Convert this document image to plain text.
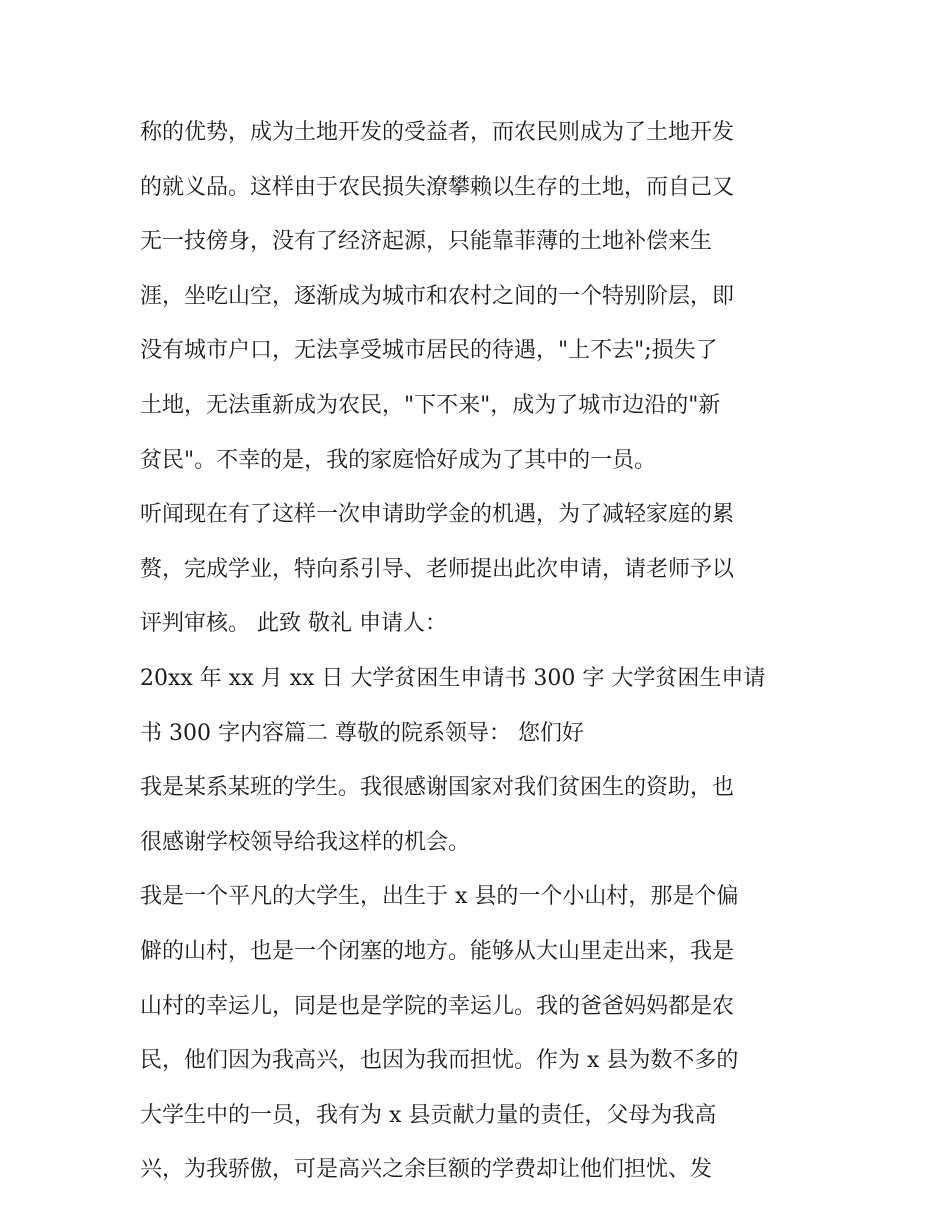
称的优势，成为土地开发的受益者，而农民则成为了土地开发
的就义品。这样由于农民损失潦攀赖以生存的土地，而自己又
无一技傍身，没有了经济起源，只能靠菲薄的土地补偿来生
涯，坐吃山空，逐渐成为城市和农村之间的一个特别阶层，即
没有城市户口，无法享受城市居民的待遇，"上不去";损失了
土地，无法重新成为农民，"下不来"，成为了城市边沿的"新
贫民"。不幸的是，我的家庭恰好成为了其中的一员。
听闻现在有了这样一次申请助学金的机遇，为了减轻家庭的累
赘，完成学业，特向系引导、老师提出此次申请，请老师予以
评判审核。 此致 敬礼 申请人：
20xx 年 xx 月 xx 日 大学贫困生申请书 300 字 大学贫困生申请
书 300 字内容篇二 尊敬的院系领导： 您们好
我是某系某班的学生。我很感谢国家对我们贫困生的资助，也
很感谢学校领导给我这样的机会。
我是一个平凡的大学生，出生于 x 县的一个小山村，那是个偏
僻的山村，也是一个闭塞的地方。能够从大山里走出来，我是
山村的幸运儿，同是也是学院的幸运儿。我的爸爸妈妈都是农
民，他们因为我高兴，也因为我而担忧。作为 x 县为数不多的
大学生中的一员，我有为 x 县贡献力量的责任，父母为我高
兴，为我骄傲，可是高兴之余巨额的学费却让他们担忧、发
